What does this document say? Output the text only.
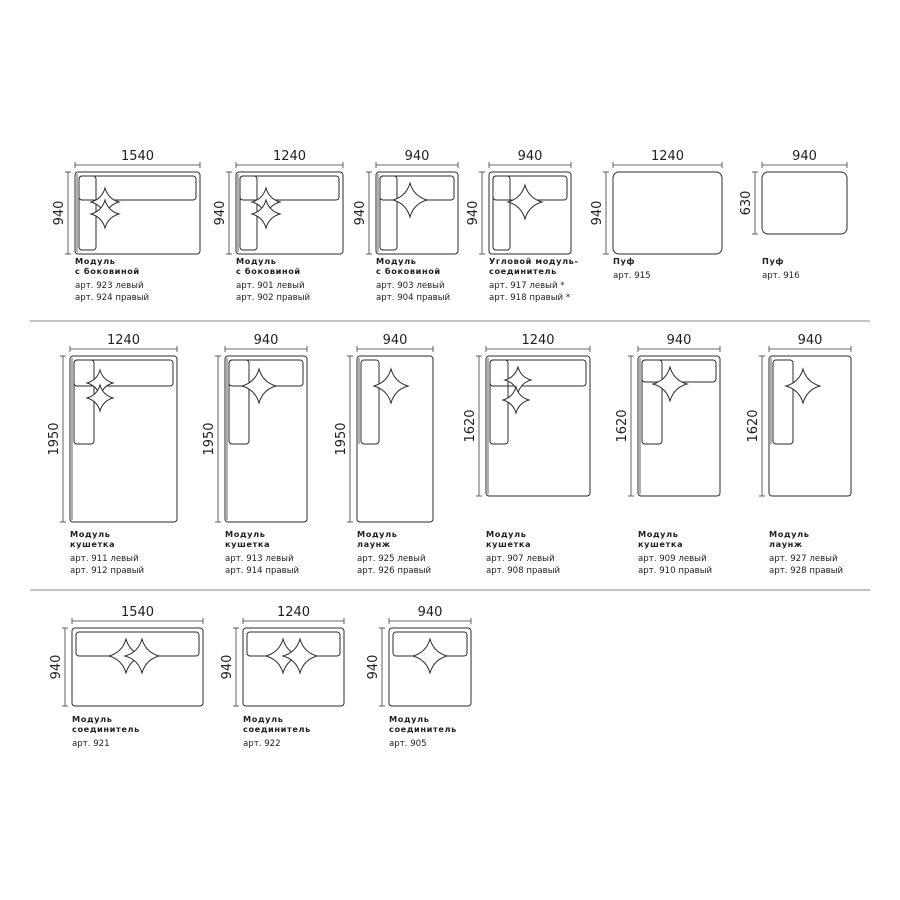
1540
940
Модуль
с боковиной
арт. 923 левый
арт. 924 правый
1240
940
Модуль
с боковиной
арт. 901 левый
арт. 902 правый
940
940
Модуль
с боковиной
арт. 903 левый
арт. 904 правый
940
940
Угловой модуль-
соединитель
арт. 917 левый *
арт. 918 правый *
1240
940
Пуф
арт. 915
940
630
Пуф
арт. 916
1240
1950
Модуль
кушетка
арт. 911 левый
арт. 912 правый
940
1950
Модуль
кушетка
арт. 913 левый
арт. 914 правый
940
1950
Модуль
лаунж
арт. 925 левый
арт. 926 правый
1240
1620
Модуль
кушетка
арт. 907 левый
арт. 908 правый
940
1620
Модуль
кушетка
арт. 909 левый
арт. 910 правый
940
1620
Модуль
лаунж
арт. 927 левый
арт. 928 правый
1540
940
Модуль
соединитель
арт. 921
1240
940
Модуль
соединитель
арт. 922
940
940
Модуль
соединитель
арт. 905
